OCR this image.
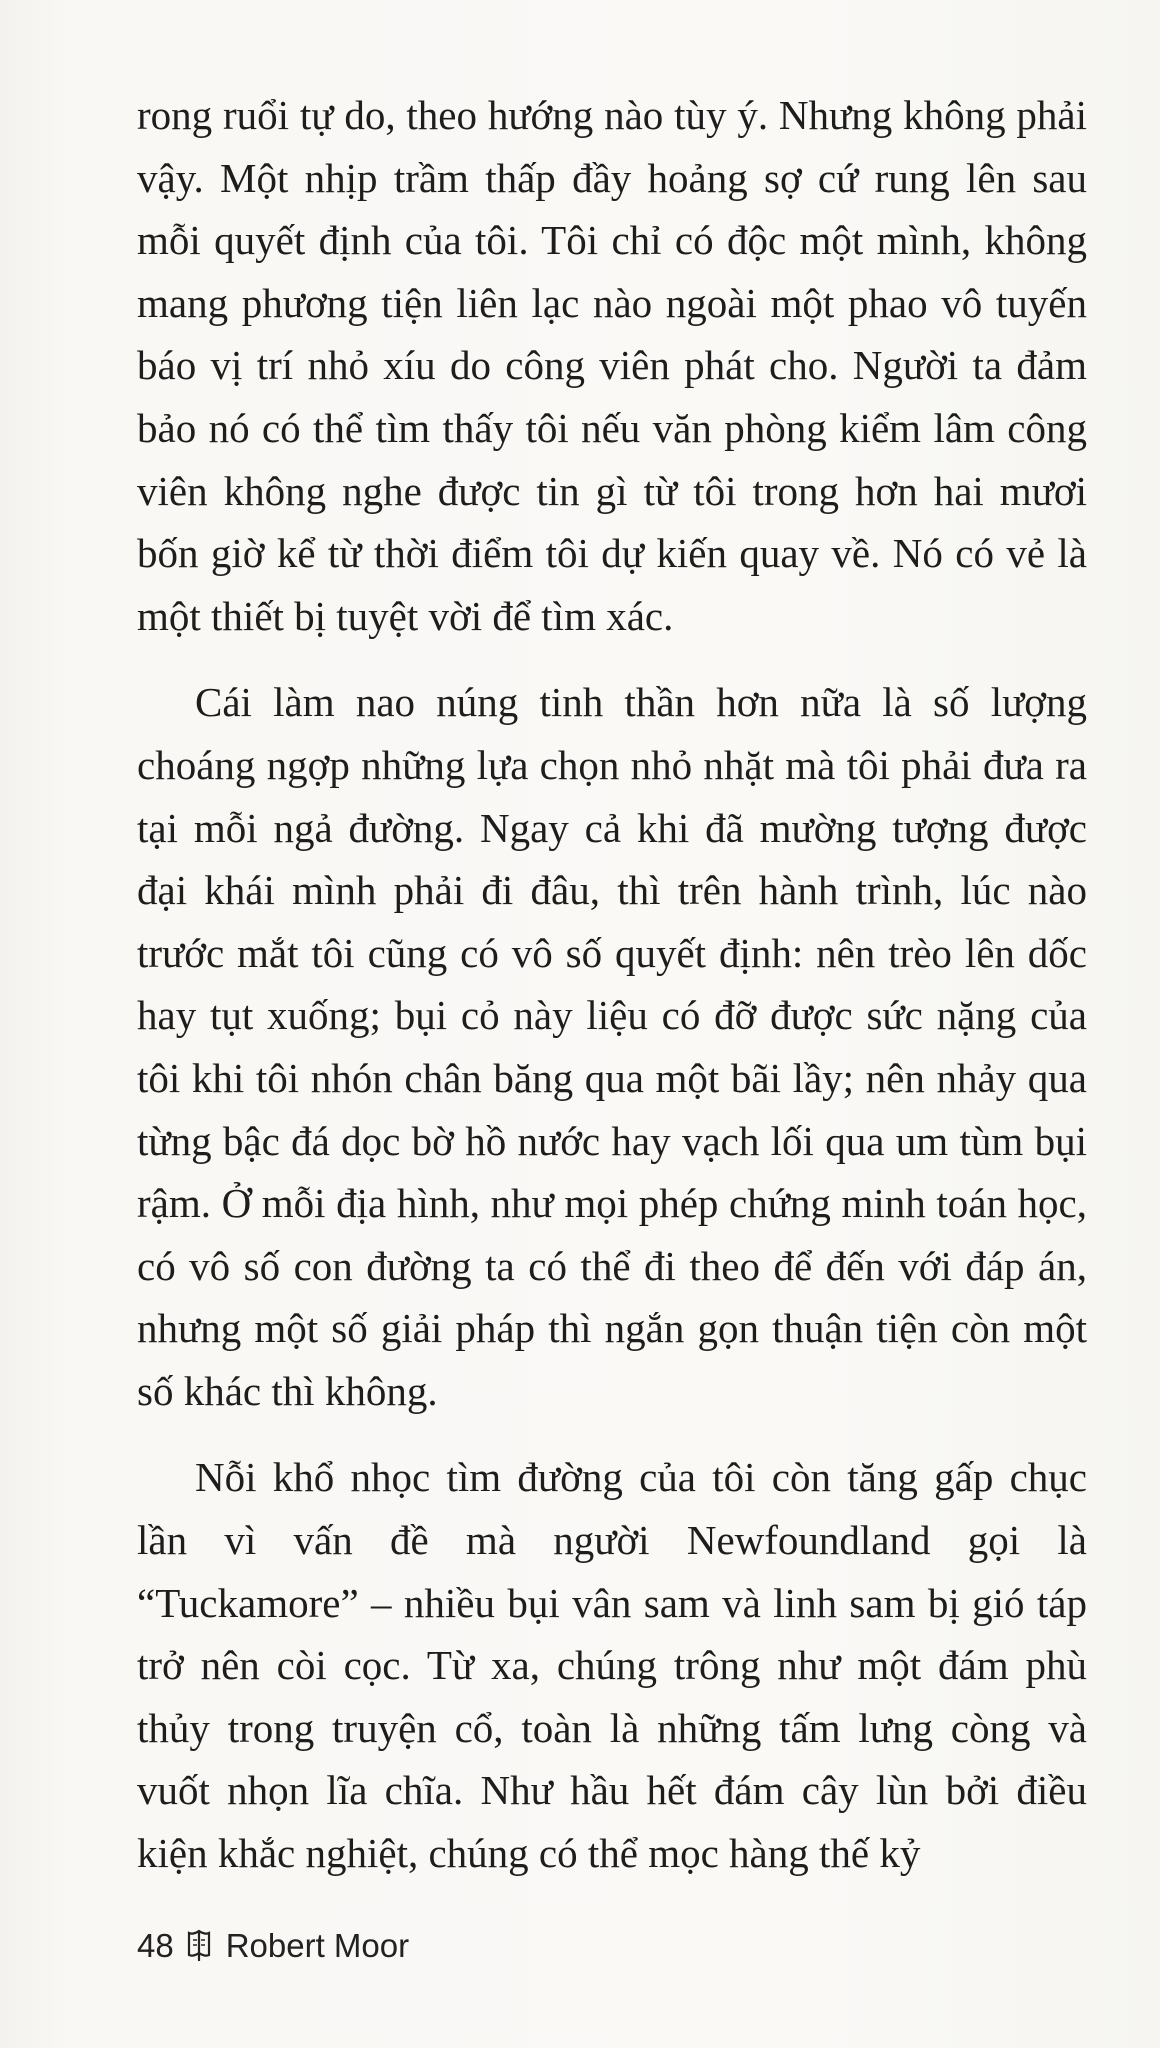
rong ruổi tự do, theo hướng nào tùy ý. Nhưng không phải vậy. Một nhịp trầm thấp đầy hoảng sợ cứ rung lên sau mỗi quyết định của tôi. Tôi chỉ có độc một mình, không mang phương tiện liên lạc nào ngoài một phao vô tuyến báo vị trí nhỏ xíu do công viên phát cho. Người ta đảm bảo nó có thể tìm thấy tôi nếu văn phòng kiểm lâm công viên không nghe được tin gì từ tôi trong hơn hai mươi bốn giờ kể từ thời điểm tôi dự kiến quay về. Nó có vẻ là một thiết bị tuyệt vời để tìm xác.

Cái làm nao núng tinh thần hơn nữa là số lượng choáng ngợp những lựa chọn nhỏ nhặt mà tôi phải đưa ra tại mỗi ngả đường. Ngay cả khi đã mường tượng được đại khái mình phải đi đâu, thì trên hành trình, lúc nào trước mắt tôi cũng có vô số quyết định: nên trèo lên dốc hay tụt xuống; bụi cỏ này liệu có đỡ được sức nặng của tôi khi tôi nhón chân băng qua một bãi lầy; nên nhảy qua từng bậc đá dọc bờ hồ nước hay vạch lối qua um tùm bụi rậm. Ở mỗi địa hình, như mọi phép chứng minh toán học, có vô số con đường ta có thể đi theo để đến với đáp án, nhưng một số giải pháp thì ngắn gọn thuận tiện còn một số khác thì không.

Nỗi khổ nhọc tìm đường của tôi còn tăng gấp chục lần vì vấn đề mà người Newfoundland gọi là “Tuckamore” – nhiều bụi vân sam và linh sam bị gió táp trở nên còi cọc. Từ xa, chúng trông như một đám phù thủy trong truyện cổ, toàn là những tấm lưng còng và vuốt nhọn lĩa chĩa. Như hầu hết đám cây lùn bởi điều kiện khắc nghiệt, chúng có thể mọc hàng thế kỷ

48 Robert Moor
